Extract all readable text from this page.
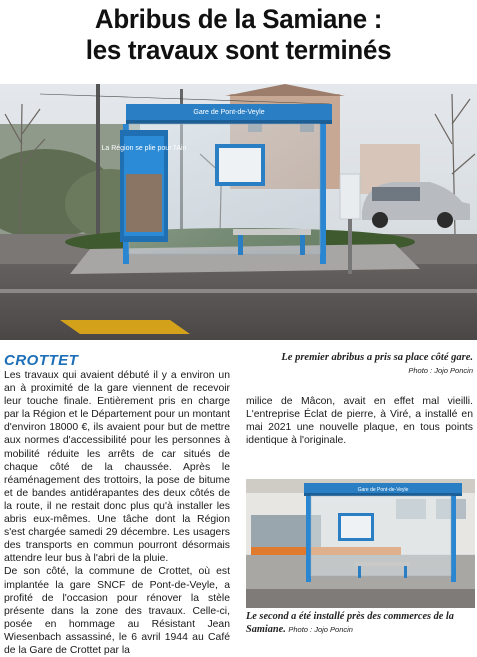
Abribus de la Samiane :
les travaux sont terminés
Gare de Pont-de-Veyle
La Région se plie pour l'Ain
CROTTET	Le premier abribus a pris sa place côté gare.
Photo : Jojo Poncin

Les travaux qui avaient débuté il y a environ un an à proximité de la gare viennent de recevoir leur touche finale. Entièrement pris en charge par la Région et le Département pour un montant d'environ 18000 €, ils avaient pour but de mettre aux normes d'accessibilité pour les personnes à mobilité réduite les arrêts de car situés de chaque côté de la chaussée. Après le réaménagement des trottoirs, la pose de bitume et de bandes antidérapantes des deux côtés de la route, il ne restait donc plus qu'à installer les abris eux-mêmes. Une tâche dont la Région s'est chargée samedi 29 décembre. Les usagers des transports en commun pourront désormais attendre leur bus à l'abri de la pluie.

De son côté, la commune de Crottet, où est implantée la gare SNCF de Pont-de-Veyle, a profité de l'occasion pour rénover la stèle présente dans la zone des travaux. Celle-ci, posée en hommage au Résistant Jean Wiesenbach assassiné, le 6 avril 1944 au Café de la Gare de Crottet par la

milice de Mâcon, avait en effet mal vieilli. L'entreprise Éclat de pierre, à Viré, a installé en mai 2021 une nouvelle plaque, en tous points identique à l'originale.

Gare de Pont-de-Veyle
Le second a été installé près des commerces de la Samiane. Photo : Jojo Poncin
